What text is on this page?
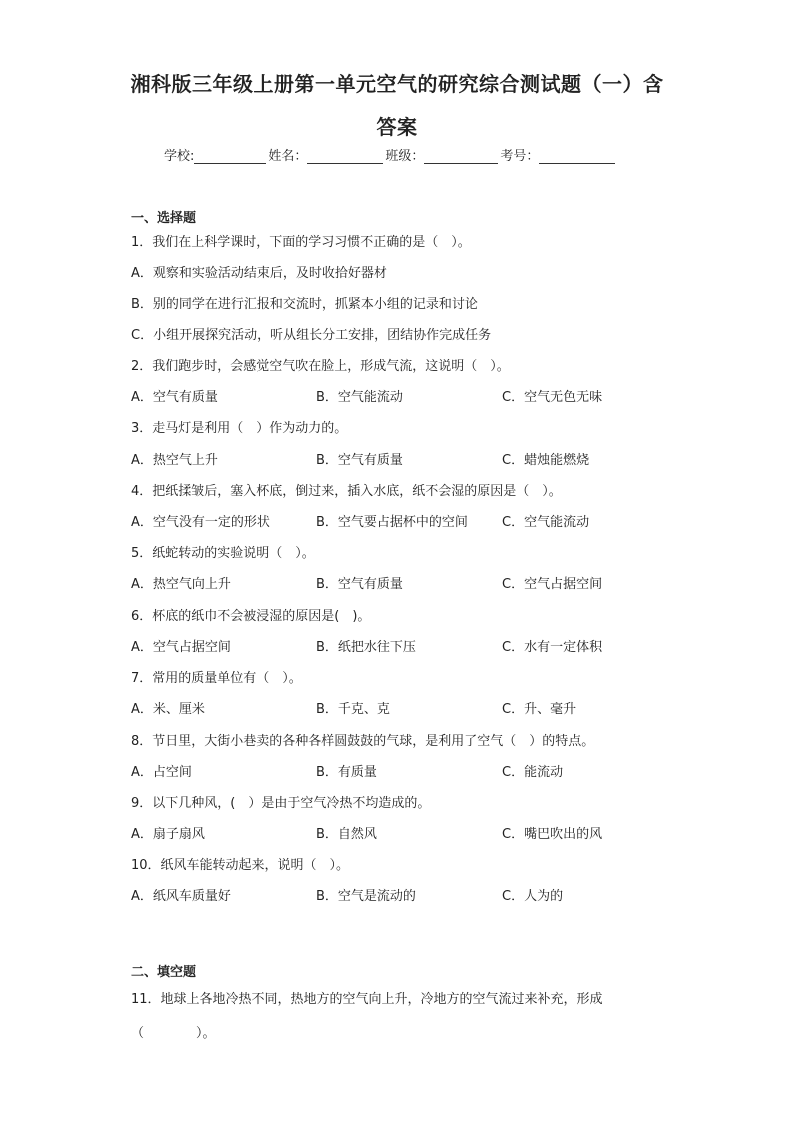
湘科版三年级上册第一单元空气的研究综合测试题（一）含
答案
学校:	姓名：	班级：	考号：
一、选择题
1．我们在上科学课时，下面的学习习惯不正确的是（　）。
A．观察和实验活动结束后，及时收拾好器材
B．别的同学在进行汇报和交流时，抓紧本小组的记录和讨论
C．小组开展探究活动，听从组长分工安排，团结协作完成任务
2．我们跑步时，会感觉空气吹在脸上，形成气流，这说明（　）。
A．空气有质量	B．空气能流动	C．空气无色无味
3．走马灯是利用（　）作为动力的。
A．热空气上升	B．空气有质量	C．蜡烛能燃烧
4．把纸揉皱后，塞入杯底，倒过来，插入水底，纸不会湿的原因是（　）。
A．空气没有一定的形状	B．空气要占据杯中的空间	C．空气能流动
5．纸蛇转动的实验说明（　）。
A．热空气向上升	B．空气有质量	C．空气占据空间
6．杯底的纸巾不会被浸湿的原因是(　)。
A．空气占据空间	B．纸把水往下压	C．水有一定体积
7．常用的质量单位有（　）。
A．米、厘米	B．千克、克	C．升、毫升
8．节日里，大街小巷卖的各种各样圆鼓鼓的气球，是利用了空气（　）的特点。
A．占空间	B．有质量	C．能流动
9．以下几种风，(　）是由于空气冷热不均造成的。
A．扇子扇风	B．自然风	C．嘴巴吹出的风
10．纸风车能转动起来，说明（　）。
A．纸风车质量好	B．空气是流动的	C．人为的
二、填空题
11．地球上各地冷热不同，热地方的空气向上升，冷地方的空气流过来补充，形成
（　　　　）。
